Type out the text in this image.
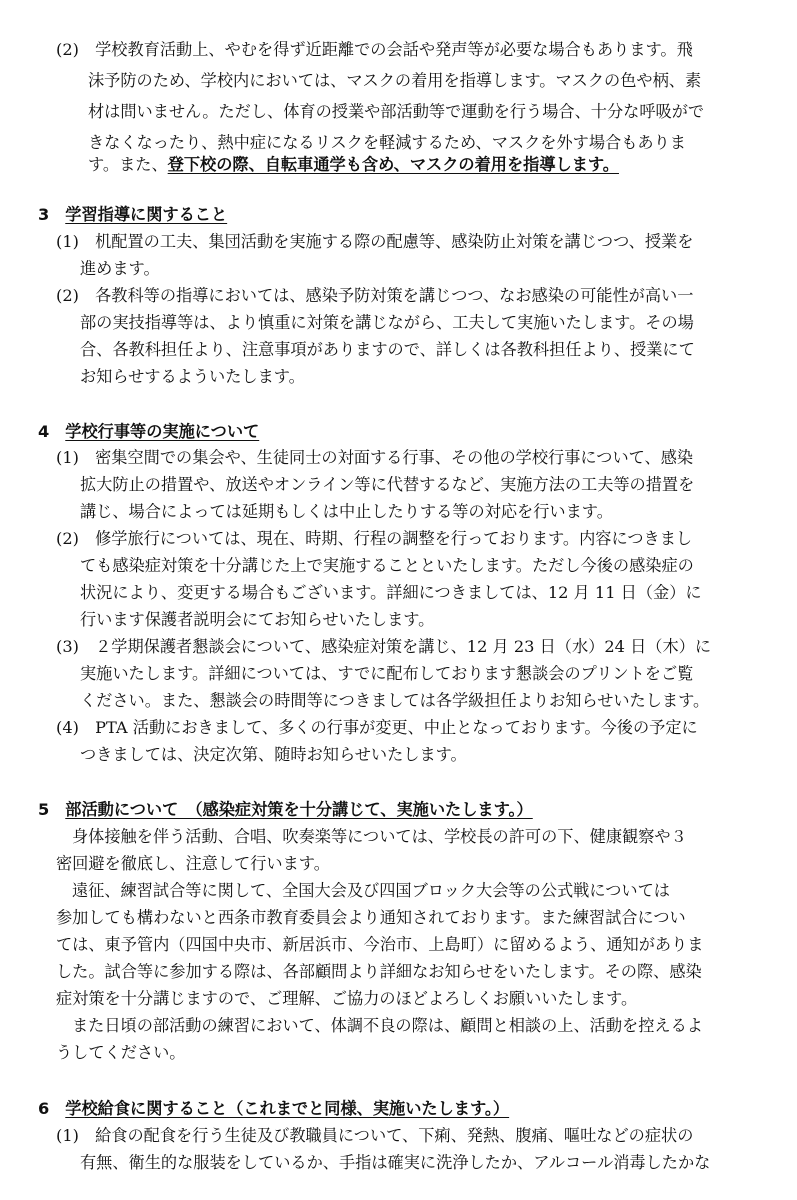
(2)　学校教育活動上、やむを得ず近距離での会話や発声等が必要な場合もあります。飛
沫予防のため、学校内においては、マスクの着用を指導します。マスクの色や柄、素
材は問いません。ただし、体育の授業や部活動等で運動を行う場合、十分な呼吸がで
きなくなったり、熱中症になるリスクを軽減するため、マスクを外す場合もありま
す。また、登下校の際、自転車通学も含め、マスクの着用を指導します。
3 学習指導に関すること
(1)　机配置の工夫、集団活動を実施する際の配慮等、感染防止対策を講じつつ、授業を
進めます。
(2)　各教科等の指導においては、感染予防対策を講じつつ、なお感染の可能性が高い一
部の実技指導等は、より慎重に対策を講じながら、工夫して実施いたします。その場
合、各教科担任より、注意事項がありますので、詳しくは各教科担任より、授業にて
お知らせするよういたします。
4 学校行事等の実施について
(1)　密集空間での集会や、生徒同士の対面する行事、その他の学校行事について、感染
拡大防止の措置や、放送やオンライン等に代替するなど、実施方法の工夫等の措置を
講じ、場合によっては延期もしくは中止したりする等の対応を行います。
(2)　修学旅行については、現在、時期、行程の調整を行っております。内容につきまし
ても感染症対策を十分講じた上で実施することといたします。ただし今後の感染症の
状況により、変更する場合もございます。詳細につきましては、12 月 11 日（金）に
行います保護者説明会にてお知らせいたします。
(3)　２学期保護者懇談会について、感染症対策を講じ、12 月 23 日（水）24 日（木）に
実施いたします。詳細については、すでに配布しております懇談会のプリントをご覧
ください。また、懇談会の時間等につきましては各学級担任よりお知らせいたします。
(4)　PTA 活動におきまして、多くの行事が変更、中止となっております。今後の予定に
つきましては、決定次第、随時お知らせいたします。
5 部活動について　（感染症対策を十分講じて、実施いたします。）
身体接触を伴う活動、合唱、吹奏楽等については、学校長の許可の下、健康観察や３
密回避を徹底し、注意して行います。
遠征、練習試合等に関して、全国大会及び四国ブロック大会等の公式戦については
参加しても構わないと西条市教育委員会より通知されております。また練習試合につい
ては、東予管内（四国中央市、新居浜市、今治市、上島町）に留めるよう、通知がありま
した。試合等に参加する際は、各部顧問より詳細なお知らせをいたします。その際、感染
症対策を十分講じますので、ご理解、ご協力のほどよろしくお願いいたします。
また日頃の部活動の練習において、体調不良の際は、顧問と相談の上、活動を控えるよ
うしてください。
6 学校給食に関すること（これまでと同様、実施いたします。）
(1)　給食の配食を行う生徒及び教職員について、下痢、発熱、腹痛、嘔吐などの症状の
有無、衛生的な服装をしているか、手指は確実に洗浄したか、アルコール消毒したかな
